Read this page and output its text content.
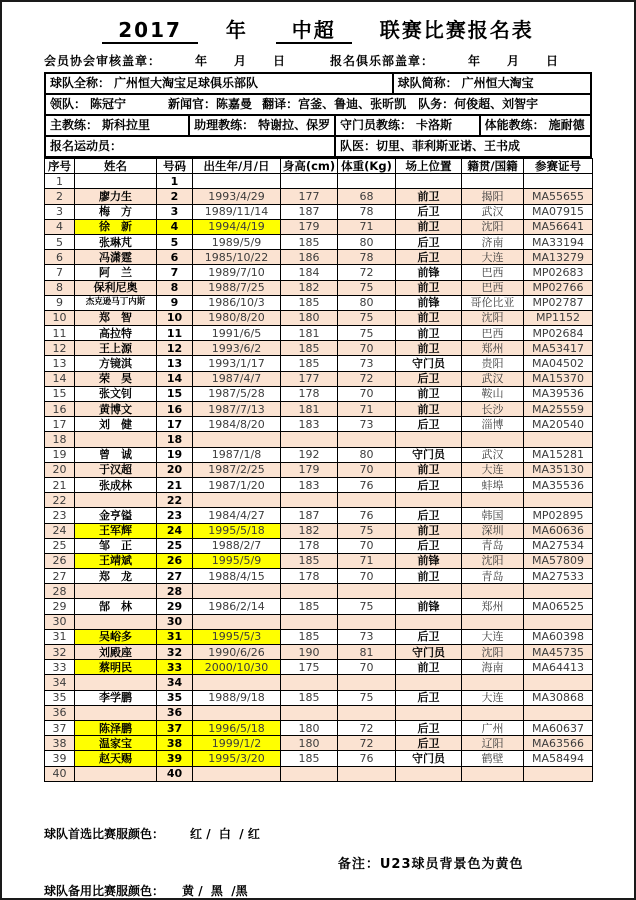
2017 年 中超 联赛比赛报名表
会员协会审核盖章：	年　　月　　日	报名俱乐部盖章：	年　　月　　日
球队全称： 广州恒大淘宝足球俱乐部队	球队简称： 广州恒大淘宝
领队： 陈冠宁	新闻官：陈嘉曼 翻译：宫釜、鲁迪、张昕凯 队务：何俊超、刘智宇
主教练： 斯科拉里	助理教练： 特谢拉、保罗 守门员教练： 卡洛斯	体能教练： 施耐德
报名运动员：	队医：切里、菲利斯亚诺、王书成
序号	姓名	号码	出生年/月/日	身高(cm)	体重(Kg)	场上位置	籍贯/国籍	参赛证号
1		1						
2	廖力生	2	1993/4/29	177	68	前卫	揭阳	MA55655
3	梅　方	3	1989/11/14	187	78	后卫	武汉	MA07915
4	徐　新	4	1994/4/19	179	71	前卫	沈阳	MA56641
5	张琳芃	5	1989/5/9	185	80	后卫	济南	MA33194
6	冯潇霆	6	1985/10/22	186	78	后卫	大连	MA13279
7	阿　兰	7	1989/7/10	184	72	前锋	巴西	MP02683
8	保利尼奥	8	1988/7/25	182	75	前卫	巴西	MP02766
9	杰克逊马丁内斯	9	1986/10/3	185	80	前锋	哥伦比亚	MP02787
10	郑　智	10	1980/8/20	180	75	前卫	沈阳	MP1152
11	高拉特	11	1991/6/5	181	75	前卫	巴西	MP02684
12	王上源	12	1993/6/2	185	70	前卫	郑州	MA53417
13	方镜淇	13	1993/1/17	185	73	守门员	贵阳	MA04502
14	荣　昊	14	1987/4/7	177	72	后卫	武汉	MA15370
15	张文钊	15	1987/5/28	178	70	前卫	鞍山	MA39536
16	黄博文	16	1987/7/13	181	71	前卫	长沙	MA25559
17	刘　健	17	1984/8/20	183	73	后卫	淄博	MA20540
18		18						
19	曾　诚	19	1987/1/8	192	80	守门员	武汉	MA15281
20	于汉超	20	1987/2/25	179	70	前卫	大连	MA35130
21	张成林	21	1987/1/20	183	76	后卫	蚌埠	MA35536
22		22						
23	金亨镒	23	1984/4/27	187	76	后卫	韩国	MP02895
24	王军辉	24	1995/5/18	182	75	前卫	深圳	MA60636
25	邹　正	25	1988/2/7	178	70	后卫	青岛	MA27534
26	王靖斌	26	1995/5/9	185	71	前锋	沈阳	MA57809
27	郑　龙	27	1988/4/15	178	70	前卫	青岛	MA27533
28		28						
29	郜　林	29	1986/2/14	185	75	前锋	郑州	MA06525
30		30						
31	吴峪多	31	1995/5/3	185	73	后卫	大连	MA60398
32	刘殿座	32	1990/6/26	190	81	守门员	沈阳	MA45735
33	蔡明民	33	2000/10/30	175	70	前卫	海南	MA64413
34		34						
35	李学鹏	35	1988/9/18	185	75	后卫	大连	MA30868
36		36						
37	陈泽鹏	37	1996/5/18	180	72	后卫	广州	MA60637
38	温家宝	38	1999/1/2	180	72	后卫	辽阳	MA63566
39	赵天赐	39	1995/3/20	185	76	守门员	鹤壁	MA58494
40		40						

球队首选比赛服颜色： 红 /  白  / 红

球队备用比赛服颜色： 黄 /  黑  /黑

备注：U23球员背景色为黄色
